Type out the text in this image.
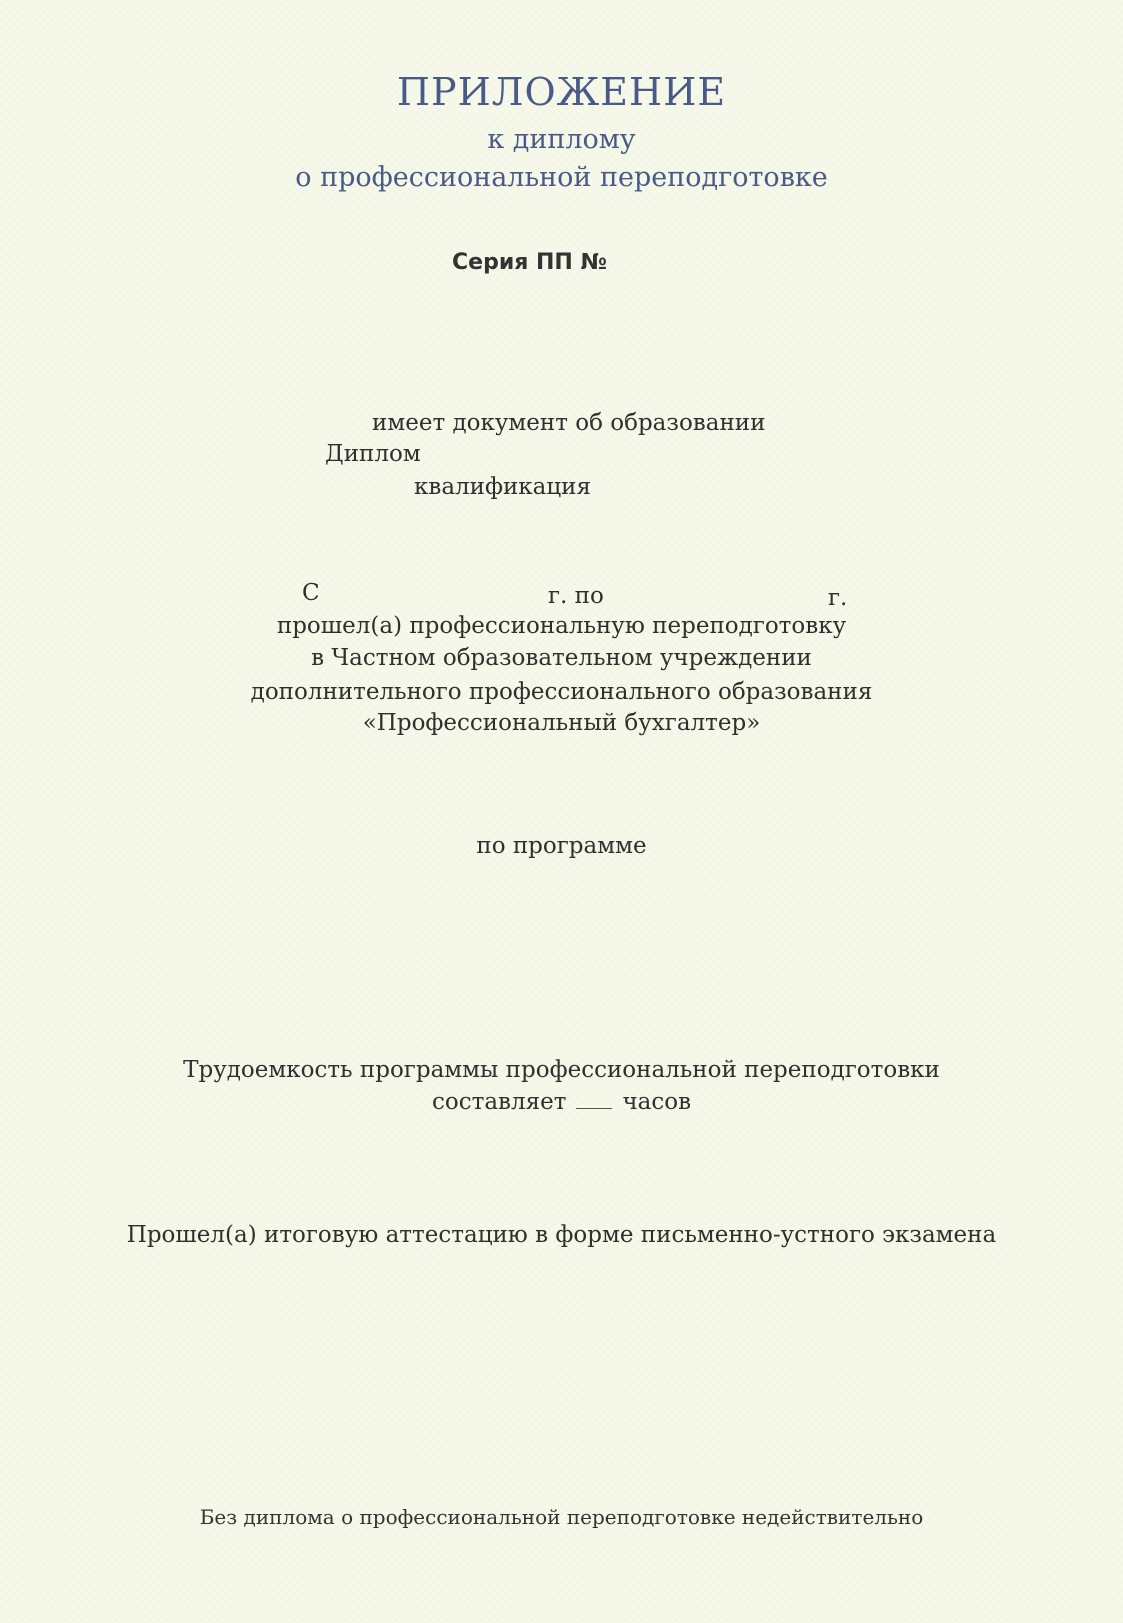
ПРИЛОЖЕНИЕ
к диплому
о профессиональной переподготовке
Серия ПП №
имеет документ об образовании
Диплом
квалификация
С	г. по	г.
прошел(а) профессиональную переподготовку
в Частном образовательном учреждении
дополнительного профессионального образования
«Профессиональный бухгалтер»
по программе
Трудоемкость программы профессиональной переподготовки
составляет часов
Прошел(а) итоговую аттестацию в форме письменно-устного экзамена
Без диплома о профессиональной переподготовке недействительно
